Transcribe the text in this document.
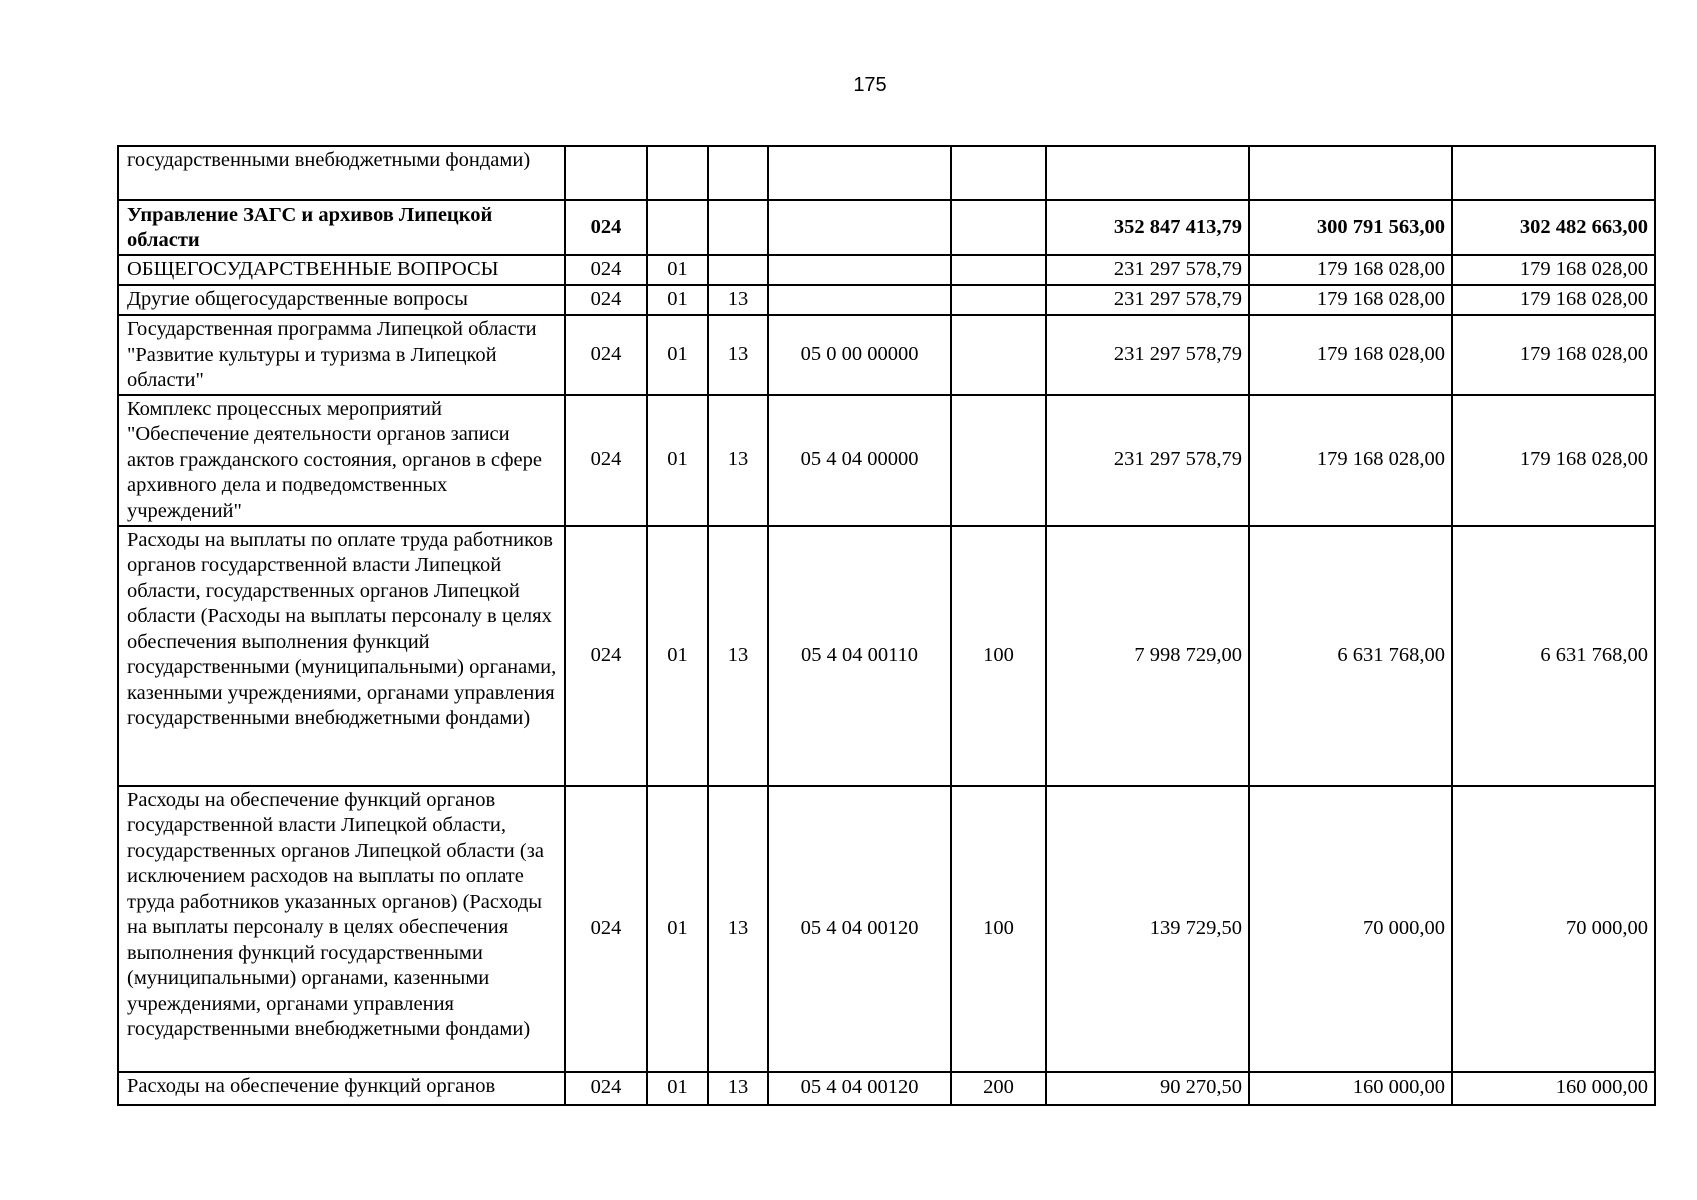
175
государственными внебюджетными фондами)								
Управление ЗАГС и архивов Липецкой области	024					352 847 413,79	300 791 563,00	302 482 663,00
ОБЩЕГОСУДАРСТВЕННЫЕ ВОПРОСЫ	024	01				231 297 578,79	179 168 028,00	179 168 028,00
Другие общегосударственные вопросы	024	01	13			231 297 578,79	179 168 028,00	179 168 028,00
Государственная программа Липецкой области "Развитие культуры и туризма в Липецкой области"	024	01	13	05 0 00 00000		231 297 578,79	179 168 028,00	179 168 028,00
Комплекс процессных мероприятий "Обеспечение деятельности органов записи актов гражданского состояния, органов в сфере архивного дела и подведомственных учреждений"	024	01	13	05 4 04 00000		231 297 578,79	179 168 028,00	179 168 028,00
Расходы на выплаты по оплате труда работников органов государственной власти Липецкой области, государственных органов Липецкой области (Расходы на выплаты персоналу в целях обеспечения выполнения функций государственными (муниципальными) органами, казенными учреждениями, органами управления государственными внебюджетными фондами)	024	01	13	05 4 04 00110	100	7 998 729,00	6 631 768,00	6 631 768,00
Расходы на обеспечение функций органов государственной власти Липецкой области, государственных органов Липецкой области (за исключением расходов на выплаты по оплате труда работников указанных органов) (Расходы на выплаты персоналу в целях обеспечения выполнения функций государственными (муниципальными) органами, казенными учреждениями, органами управления государственными внебюджетными фондами)	024	01	13	05 4 04 00120	100	139 729,50	70 000,00	70 000,00
Расходы на обеспечение функций органов	024	01	13	05 4 04 00120	200	90 270,50	160 000,00	160 000,00
